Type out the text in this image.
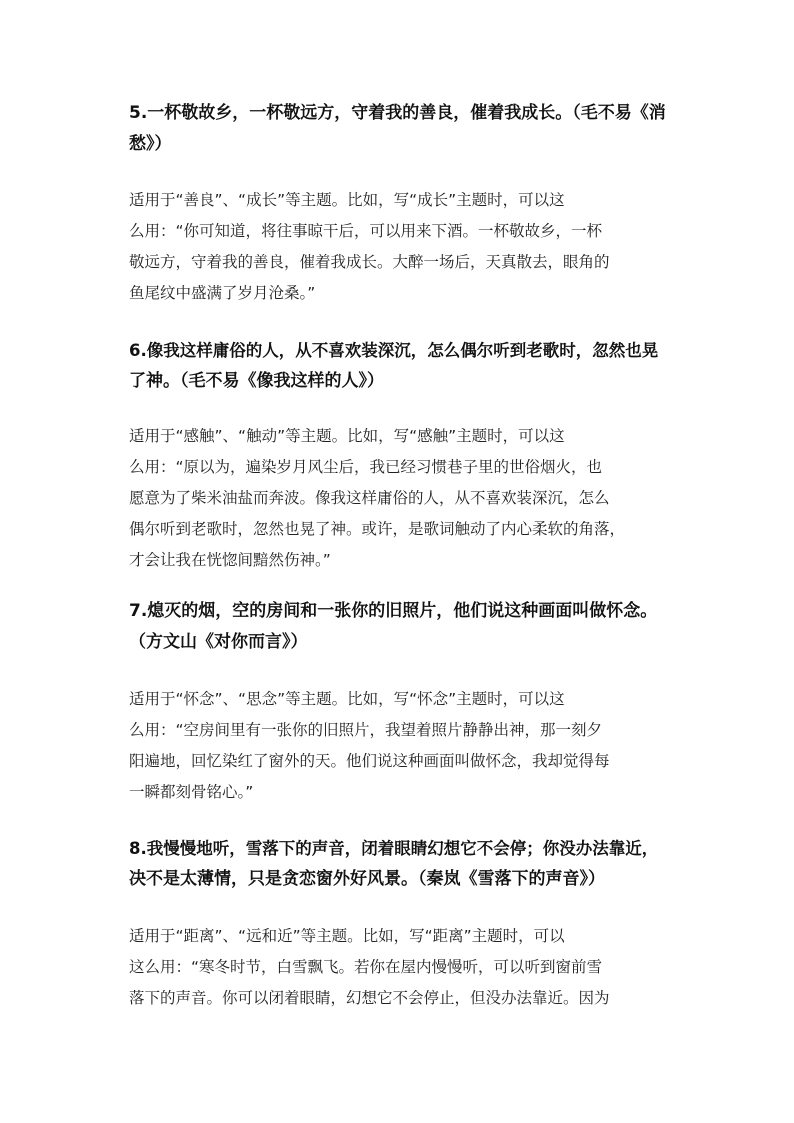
5.一杯敬故乡，一杯敬远方，守着我的善良，催着我成长。（毛不易《消
愁》）
适用于“善良”、“成长”等主题。比如，写“成长”主题时，可以这
么用：“你可知道，将往事晾干后，可以用来下酒。一杯敬故乡，一杯
敬远方，守着我的善良，催着我成长。大醉一场后，天真散去，眼角的
鱼尾纹中盛满了岁月沧桑。”
6.像我这样庸俗的人，从不喜欢装深沉，怎么偶尔听到老歌时，忽然也晃
了神。（毛不易《像我这样的人》）
适用于“感触”、“触动”等主题。比如，写“感触”主题时，可以这
么用：“原以为，遍染岁月风尘后，我已经习惯巷子里的世俗烟火，也
愿意为了柴米油盐而奔波。像我这样庸俗的人，从不喜欢装深沉，怎么
偶尔听到老歌时，忽然也晃了神。或许，是歌词触动了内心柔软的角落，
才会让我在恍惚间黯然伤神。”
7.熄灭的烟，空的房间和一张你的旧照片，他们说这种画面叫做怀念。
（方文山《对你而言》）
适用于“怀念”、“思念”等主题。比如，写“怀念”主题时，可以这
么用：“空房间里有一张你的旧照片，我望着照片静静出神，那一刻夕
阳遍地，回忆染红了窗外的天。他们说这种画面叫做怀念，我却觉得每
一瞬都刻骨铭心。”
8.我慢慢地听，雪落下的声音，闭着眼睛幻想它不会停；你没办法靠近，
决不是太薄情，只是贪恋窗外好风景。（秦岚《雪落下的声音》）
适用于“距离”、“远和近”等主题。比如，写“距离”主题时，可以
这么用：“寒冬时节，白雪飘飞。若你在屋内慢慢听，可以听到窗前雪
落下的声音。你可以闭着眼睛，幻想它不会停止，但没办法靠近。因为
